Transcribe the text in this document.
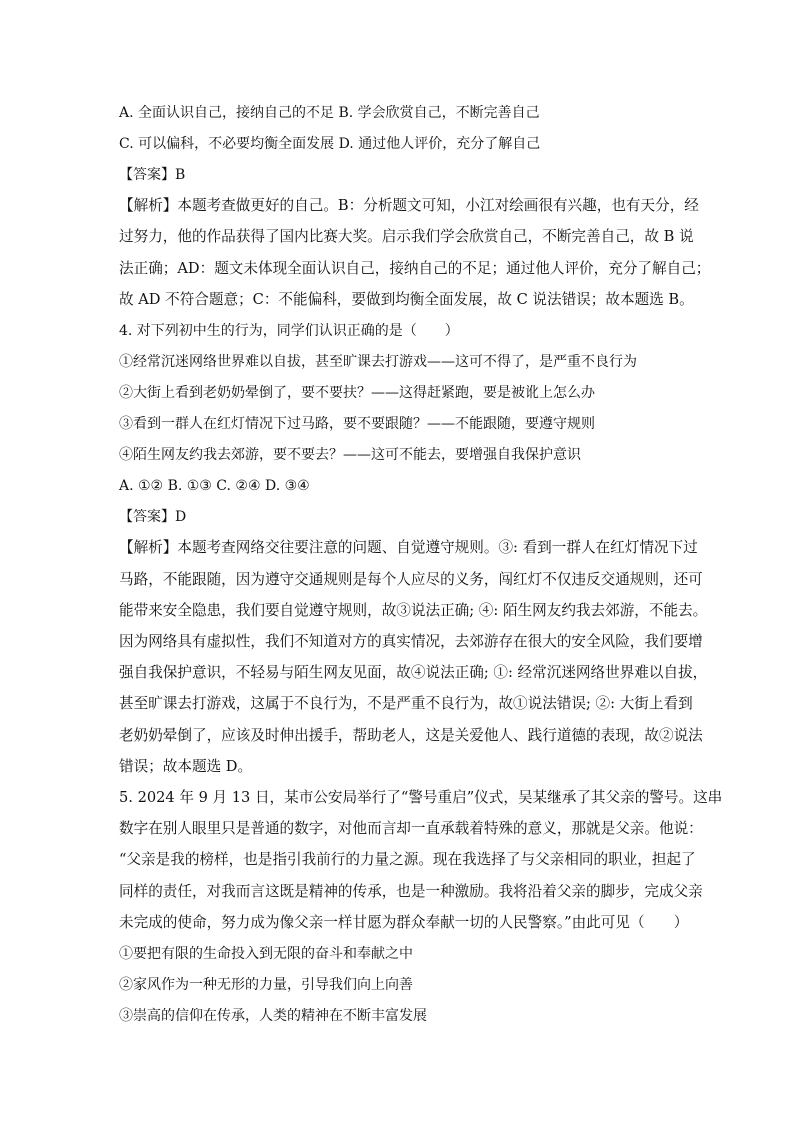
A. 全面认识自己，接纳自己的不足 B. 学会欣赏自己，不断完善自己
C. 可以偏科，不必要均衡全面发展 D. 通过他人评价，充分了解自己
【答案】B
【解析】本题考查做更好的自己。B：分析题文可知，小江对绘画很有兴趣，也有天分，经
过努力，他的作品获得了国内比赛大奖。启示我们学会欣赏自己，不断完善自己，故 B 说
法正确；AD：题文未体现全面认识自己，接纳自己的不足；通过他人评价，充分了解自己；
故 AD 不符合题意；C：不能偏科，要做到均衡全面发展，故 C 说法错误；故本题选 B。
4. 对下列初中生的行为，同学们认识正确的是（　　）
①经常沉迷网络世界难以自拔，甚至旷课去打游戏——这可不得了，是严重不良行为
②大街上看到老奶奶晕倒了，要不要扶？——这得赶紧跑，要是被讹上怎么办
③看到一群人在红灯情况下过马路，要不要跟随？——不能跟随，要遵守规则
④陌生网友约我去郊游，要不要去？——这可不能去，要增强自我保护意识
A. ①② B. ①③ C. ②④ D. ③④
【答案】D
【解析】本题考查网络交往要注意的问题、自觉遵守规则。③: 看到一群人在红灯情况下过
马路，不能跟随，因为遵守交通规则是每个人应尽的义务，闯红灯不仅违反交通规则，还可
能带来安全隐患，我们要自觉遵守规则，故③说法正确; ④: 陌生网友约我去郊游，不能去。
因为网络具有虚拟性，我们不知道对方的真实情况，去郊游存在很大的安全风险，我们要增
强自我保护意识，不轻易与陌生网友见面，故④说法正确; ①: 经常沉迷网络世界难以自拔，
甚至旷课去打游戏，这属于不良行为，不是严重不良行为，故①说法错误; ②: 大街上看到
老奶奶晕倒了，应该及时伸出援手，帮助老人，这是关爱他人、践行道德的表现，故②说法
错误；故本题选 D。
5. 2024 年 9 月 13 日，某市公安局举行了“警号重启”仪式，吴某继承了其父亲的警号。这串
数字在别人眼里只是普通的数字，对他而言却一直承载着特殊的意义，那就是父亲。他说：
“父亲是我的榜样，也是指引我前行的力量之源。现在我选择了与父亲相同的职业，担起了
同样的责任，对我而言这既是精神的传承，也是一种激励。我将沿着父亲的脚步，完成父亲
未完成的使命，努力成为像父亲一样甘愿为群众奉献一切的人民警察。”由此可见（　　）
①要把有限的生命投入到无限的奋斗和奉献之中
②家风作为一种无形的力量，引导我们向上向善
③崇高的信仰在传承，人类的精神在不断丰富发展
